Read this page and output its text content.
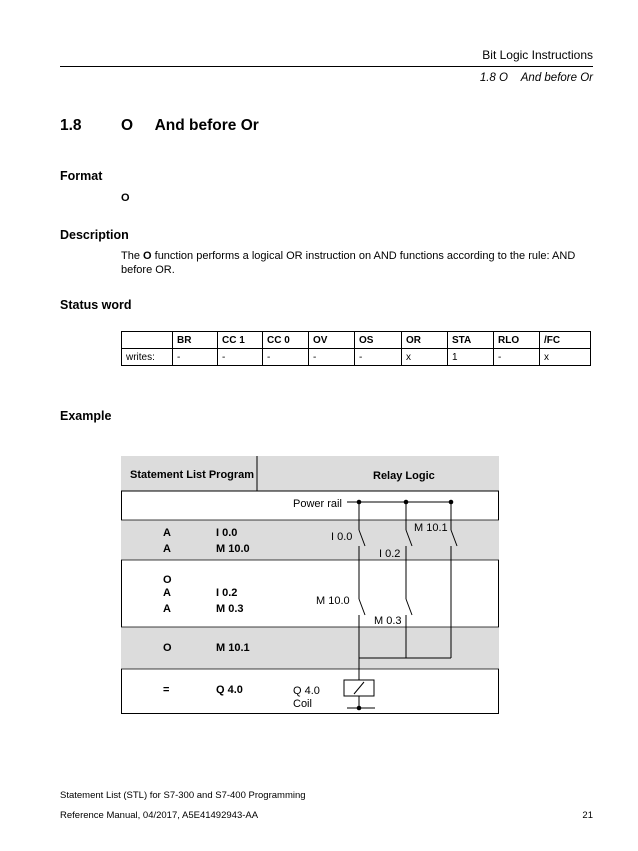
Bit Logic Instructions
1.8 O    And before Or
1.8	O     And before Or
Format
O
Description
The O function performs a logical OR instruction on AND functions according to the rule: AND before OR.
Status word
	BR	CC 1	CC 0	OV	OS	OR	STA	RLO	/FC
writes:	-	-	-	-	-	x	1	-	x
Example
Statement List Program	Relay Logic
A	I 0.0
A	M 10.0
O
A	I 0.2
A	M 0.3
O	M 10.1
=	Q 4.0
Power rail
I 0.0
M 10.0
I 0.2
M 0.3
M 10.1
Q 4.0
Coil
Statement List (STL) for S7-300 and S7-400 Programming
Reference Manual, 04/2017, A5E41492943-AA	21
